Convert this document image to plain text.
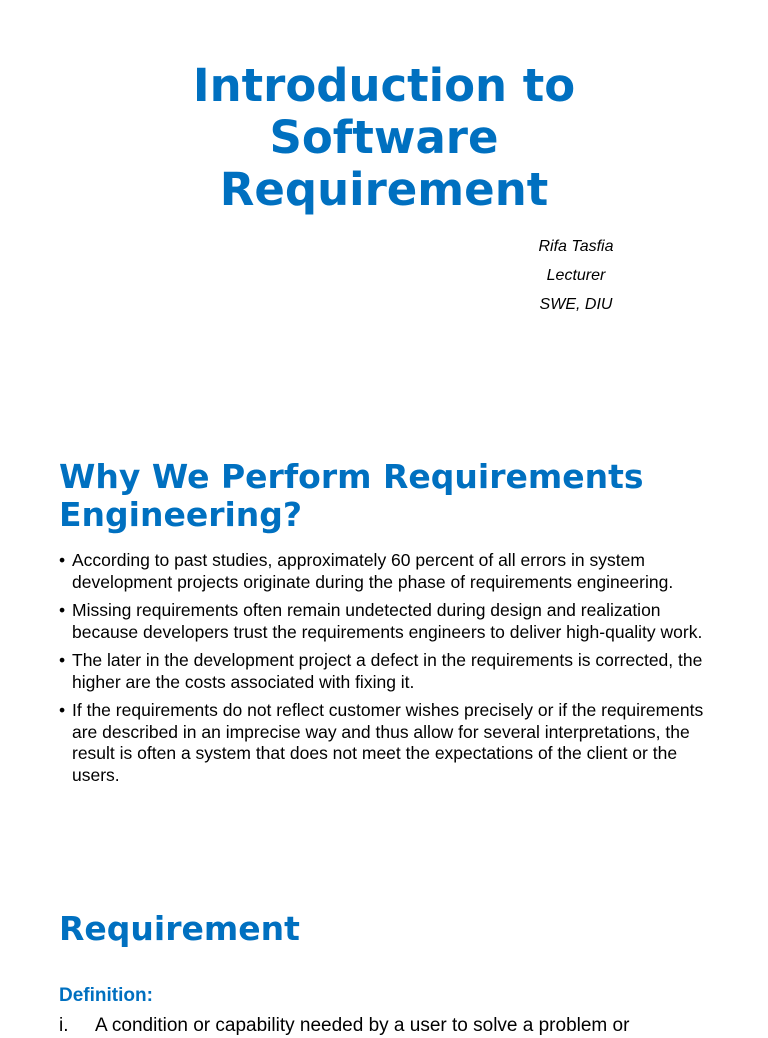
Introduction to
Software
Requirement
Rifa Tasfia
Lecturer
SWE, DIU
Why We Perform Requirements Engineering?
• According to past studies, approximately 60 percent of all errors in system development projects originate during the phase of requirements engineering.
• Missing requirements often remain undetected during design and realization because developers trust the requirements engineers to deliver high-quality work.
• The later in the development project a defect in the requirements is corrected, the higher are the costs associated with fixing it.
• If the requirements do not reflect customer wishes precisely or if the requirements are described in an imprecise way and thus allow for several interpretations, the result is often a system that does not meet the expectations of the client or the users.
Requirement
Definition:
i. A condition or capability needed by a user to solve a problem or
